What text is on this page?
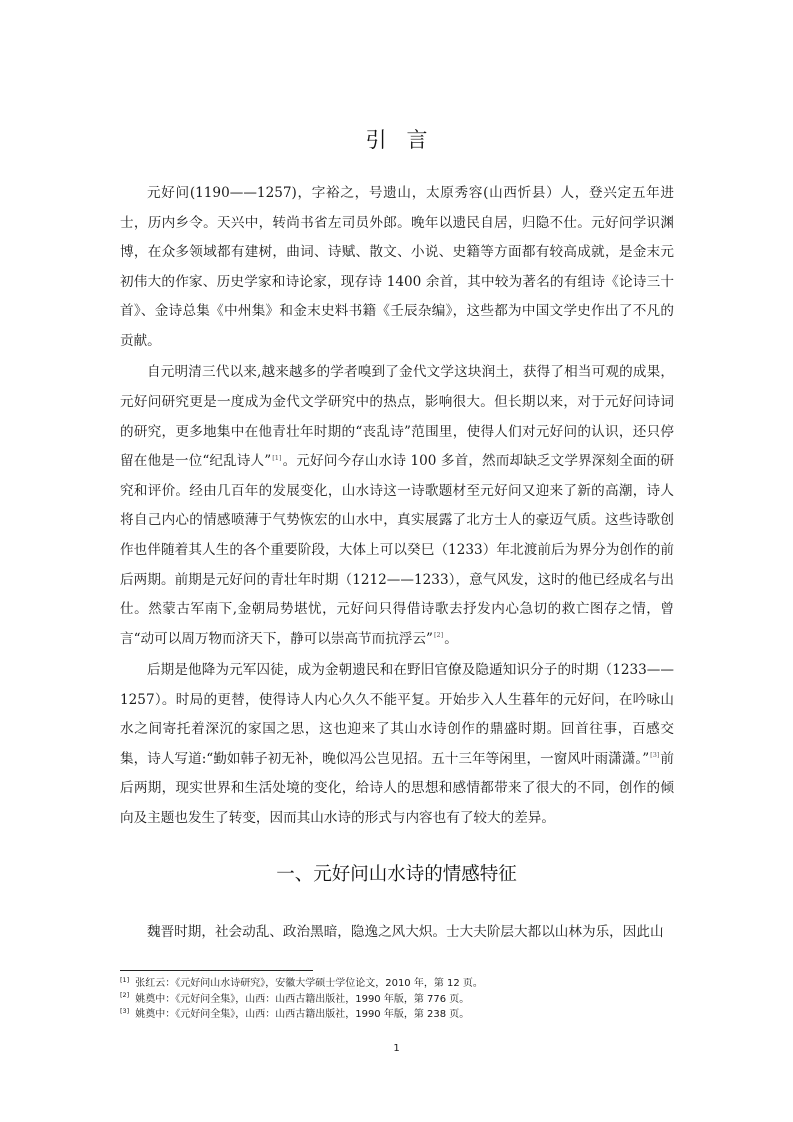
引言

元好问(1190——1257)，字裕之，号遗山，太原秀容(山西忻县）人，登兴定五年进士，历内乡令。天兴中，转尚书省左司员外郎。晚年以遗民自居，归隐不仕。元好问学识渊博，在众多领域都有建树，曲词、诗赋、散文、小说、史籍等方面都有较高成就，是金末元初伟大的作家、历史学家和诗论家，现存诗 1400 余首，其中较为著名的有组诗《论诗三十首》、金诗总集《中州集》和金末史料书籍《壬辰杂编》，这些都为中国文学史作出了不凡的贡献。

自元明清三代以来,越来越多的学者嗅到了金代文学这块润土，获得了相当可观的成果，元好问研究更是一度成为金代文学研究中的热点，影响很大。但长期以来，对于元好问诗词的研究，更多地集中在他青壮年时期的“丧乱诗”范围里，使得人们对元好问的认识，还只停留在他是一位“纪乱诗人”[1]。元好问今存山水诗 100 多首，然而却缺乏文学界深刻全面的研究和评价。经由几百年的发展变化，山水诗这一诗歌题材至元好问又迎来了新的高潮，诗人将自己内心的情感喷薄于气势恢宏的山水中，真实展露了北方士人的豪迈气质。这些诗歌创作也伴随着其人生的各个重要阶段，大体上可以癸巳（1233）年北渡前后为界分为创作的前后两期。前期是元好问的青壮年时期（1212——1233），意气风发，这时的他已经成名与出仕。然蒙古军南下,金朝局势堪忧，元好问只得借诗歌去抒发内心急切的救亡图存之情，曾言“动可以周万物而济天下，静可以崇高节而抗浮云”[2]。

后期是他降为元军囚徒，成为金朝遗民和在野旧官僚及隐遁知识分子的时期（1233——1257）。时局的更替，使得诗人内心久久不能平复。开始步入人生暮年的元好问，在吟咏山水之间寄托着深沉的家国之思，这也迎来了其山水诗创作的鼎盛时期。回首往事，百感交集，诗人写道:“勤如韩子初无补，晚似冯公岂见招。五十三年等闲里，一窗风叶雨潇潇。”[3]前后两期，现实世界和生活处境的变化，给诗人的思想和感情都带来了很大的不同，创作的倾向及主题也发生了转变，因而其山水诗的形式与内容也有了较大的差异。

一、元好问山水诗的情感特征
魏晋时期，社会动乱、政治黑暗，隐逸之风大炽。士大夫阶层大都以山林为乐，因此山
[1] 张红云：《元好问山水诗研究》，安徽大学硕士学位论文，2010 年，第 12 页。
[2] 姚奠中：《元好问全集》，山西：山西古籍出版社，1990 年版，第 776 页。
[3] 姚奠中：《元好问全集》，山西：山西古籍出版社，1990 年版，第 238 页。
1
